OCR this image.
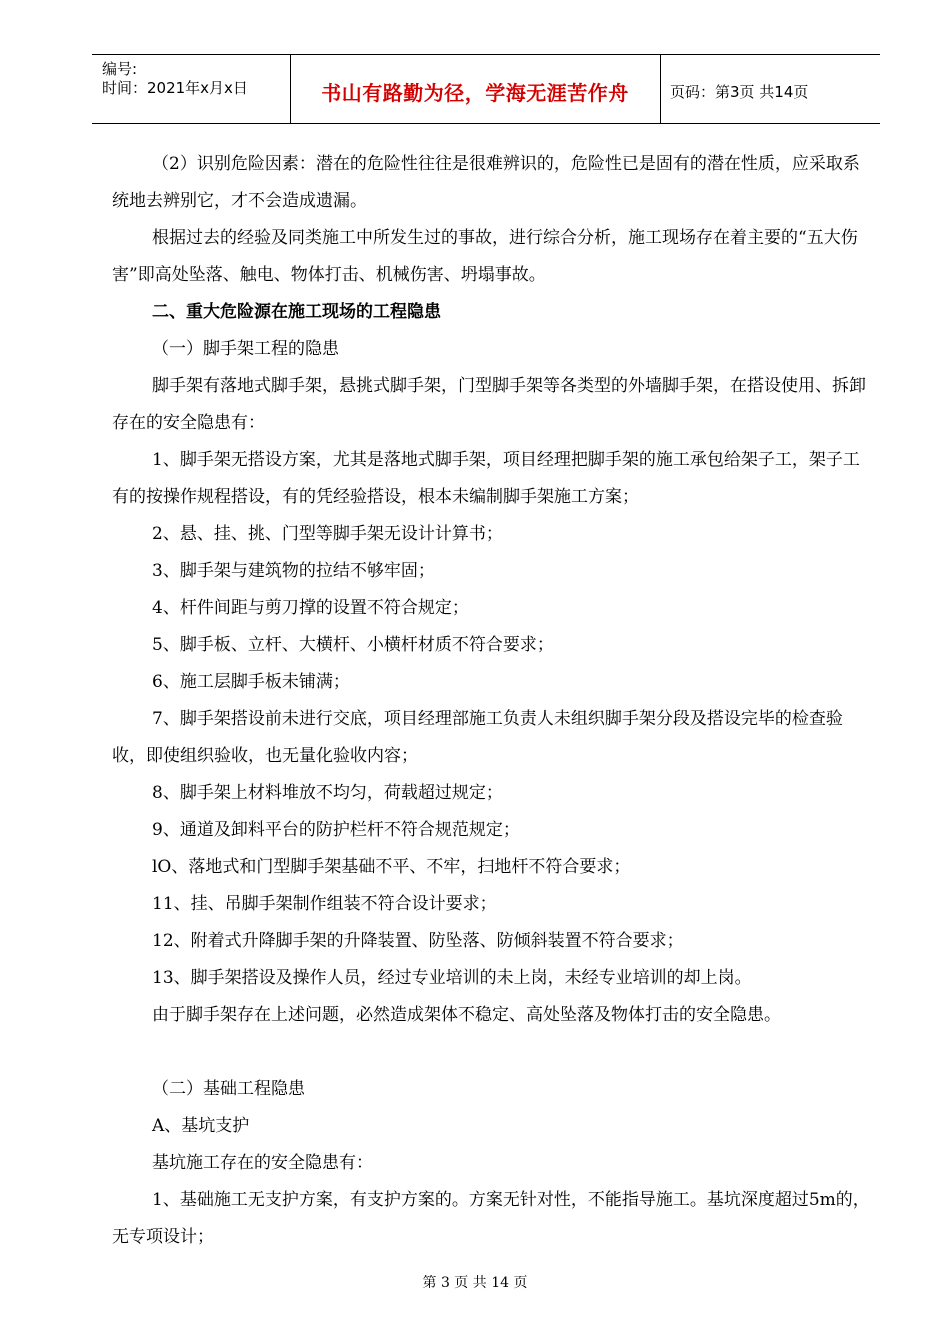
编号:
时间：2021年x月x日	书山有路勤为径，学海无涯苦作舟	页码：第3页 共14页

（2）识别危险因素：潜在的危险性往往是很难辨识的，危险性已是固有的潜在性质，应采取系统地去辨别它，才不会造成遗漏。

根据过去的经验及同类施工中所发生过的事故，进行综合分析，施工现场存在着主要的“五大伤害”即高处坠落、触电、物体打击、机械伤害、坍塌事故。

二、重大危险源在施工现场的工程隐患

（一）脚手架工程的隐患

脚手架有落地式脚手架，悬挑式脚手架，门型脚手架等各类型的外墙脚手架，在搭设使用、拆卸存在的安全隐患有：

1、脚手架无搭设方案，尤其是落地式脚手架，项目经理把脚手架的施工承包给架子工，架子工有的按操作规程搭设，有的凭经验搭设，根本未编制脚手架施工方案；

2、悬、挂、挑、门型等脚手架无设计计算书；

3、脚手架与建筑物的拉结不够牢固；

4、杆件间距与剪刀撑的设置不符合规定；

5、脚手板、立杆、大横杆、小横杆材质不符合要求；

6、施工层脚手板未铺满；

7、脚手架搭设前未进行交底，项目经理部施工负责人未组织脚手架分段及搭设完毕的检查验收，即使组织验收，也无量化验收内容；

8、脚手架上材料堆放不均匀，荷载超过规定；

9、通道及卸料平台的防护栏杆不符合规范规定；

lO、落地式和门型脚手架基础不平、不牢，扫地杆不符合要求；

11、挂、吊脚手架制作组装不符合设计要求；

12、附着式升降脚手架的升降装置、防坠落、防倾斜装置不符合要求；

13、脚手架搭设及操作人员，经过专业培训的未上岗，未经专业培训的却上岗。

由于脚手架存在上述问题，必然造成架体不稳定、高处坠落及物体打击的安全隐患。

（二）基础工程隐患

A、基坑支护

基坑施工存在的安全隐患有：

1、基础施工无支护方案，有支护方案的。方案无针对性，不能指导施工。基坑深度超过5m的，无专项设计；

第 3 页 共 14 页
